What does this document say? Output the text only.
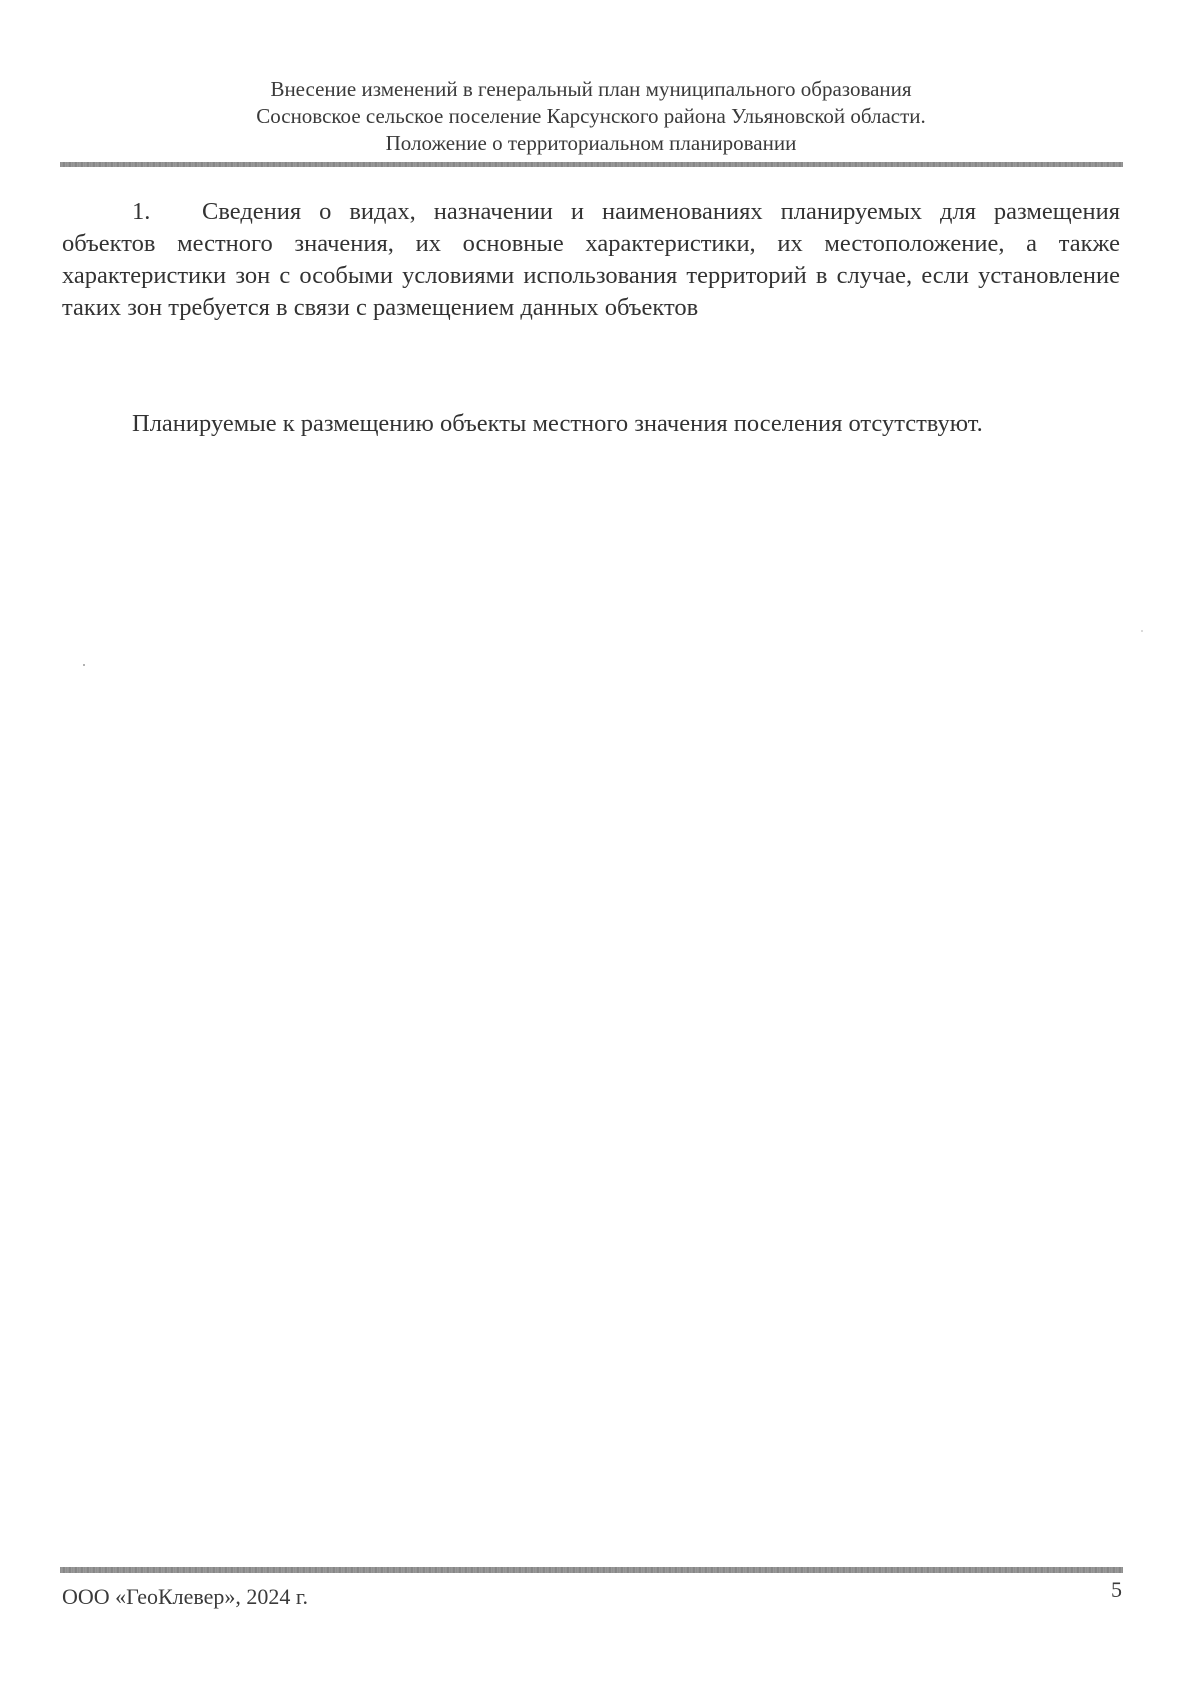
Внесение изменений в генеральный план муниципального образования
Сосновское сельское поселение Карсунского района Ульяновской области.
Положение о территориальном планировании
1. Сведения о видах, назначении и наименованиях планируемых для размещения объектов местного значения, их основные характеристики, их местоположение, а также характеристики зон с особыми условиями использования территорий в случае, если установление таких зон требуется в связи с размещением данных объектов
Планируемые к размещению объекты местного значения поселения отсутствуют.
ООО «ГеоКлевер», 2024 г.	5
